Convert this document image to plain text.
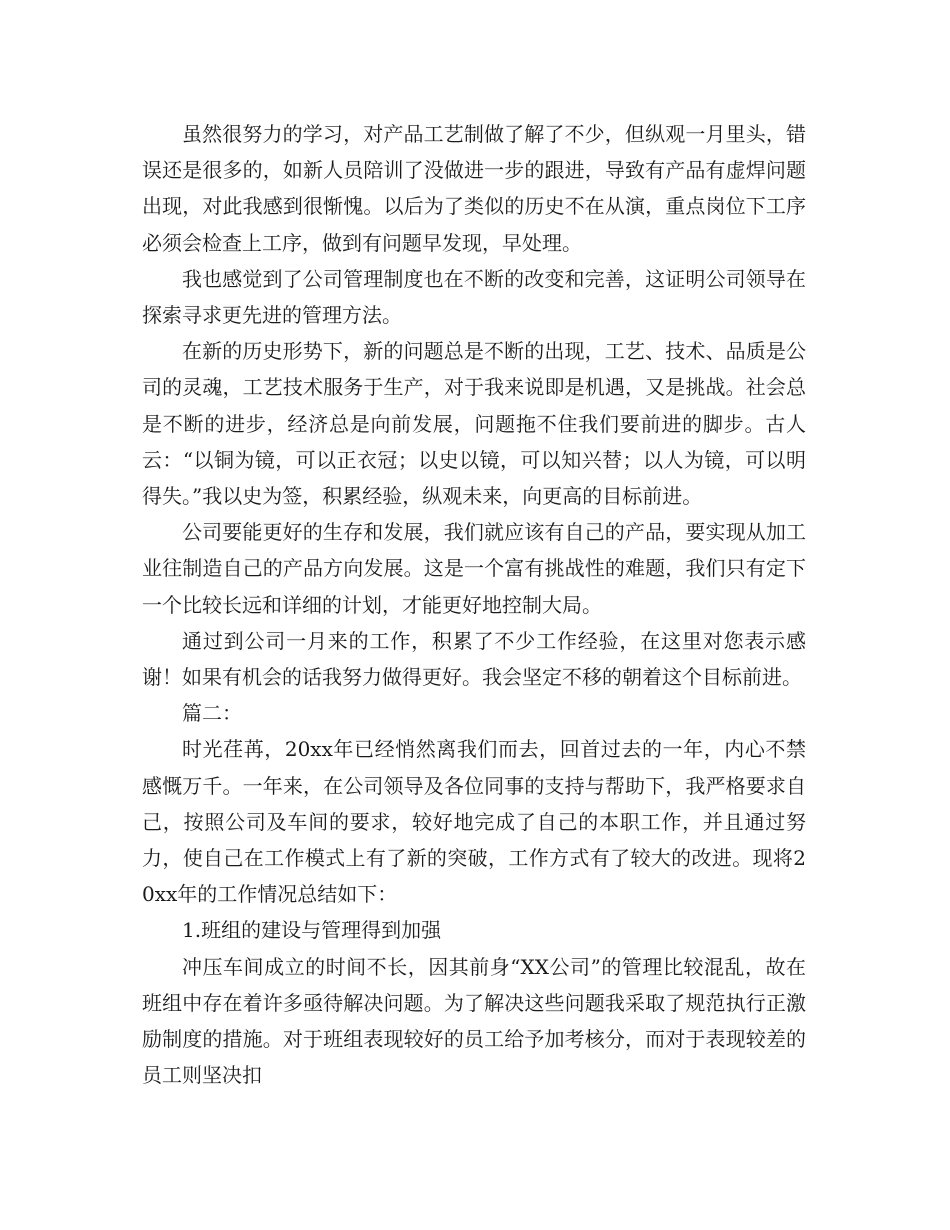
虽然很努力的学习，对产品工艺制做了解了不少，但纵观一月里头，错误还是很多的，如新人员陪训了没做进一步的跟进，导致有产品有虚焊问题出现，对此我感到很惭愧。以后为了类似的历史不在从演，重点岗位下工序必须会检查上工序，做到有问题早发现，早处理。

我也感觉到了公司管理制度也在不断的改变和完善，这证明公司领导在探索寻求更先进的管理方法。

在新的历史形势下，新的问题总是不断的出现，工艺、技术、品质是公司的灵魂，工艺技术服务于生产，对于我来说即是机遇，又是挑战。社会总是不断的进步，经济总是向前发展，问题拖不住我们要前进的脚步。古人云：“以铜为镜，可以正衣冠；以史以镜，可以知兴替；以人为镜，可以明得失。”我以史为签，积累经验，纵观未来，向更高的目标前进。

公司要能更好的生存和发展，我们就应该有自己的产品，要实现从加工业往制造自己的产品方向发展。这是一个富有挑战性的难题，我们只有定下一个比较长远和详细的计划，才能更好地控制大局。

通过到公司一月来的工作，积累了不少工作经验，在这里对您表示感谢！如果有机会的话我努力做得更好。我会坚定不移的朝着这个目标前进。

篇二：

时光荏苒，20xx年已经悄然离我们而去，回首过去的一年，内心不禁感慨万千。一年来，在公司领导及各位同事的支持与帮助下，我严格要求自己，按照公司及车间的要求，较好地完成了自己的本职工作，并且通过努力，使自己在工作模式上有了新的突破，工作方式有了较大的改进。现将20xx年的工作情况总结如下：

1.班组的建设与管理得到加强

冲压车间成立的时间不长，因其前身“XX公司”的管理比较混乱，故在班组中存在着许多亟待解决问题。为了解决这些问题我采取了规范执行正激励制度的措施。对于班组表现较好的员工给予加考核分，而对于表现较差的员工则坚决扣
